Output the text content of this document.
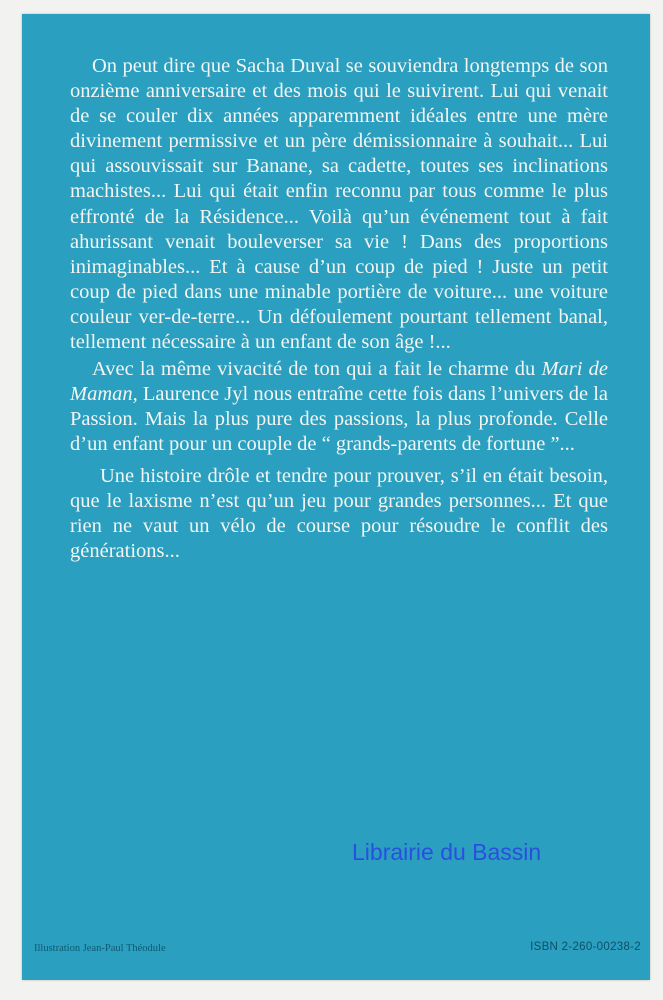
On peut dire que Sacha Duval se souviendra longtemps de son onzième anniversaire et des mois qui le suivirent. Lui qui venait de se couler dix années apparemment idéales entre une mère divinement permissive et un père démissionnaire à souhait... Lui qui assouvissait sur Banane, sa cadette, toutes ses inclinations machistes... Lui qui était enfin reconnu par tous comme le plus effronté de la Résidence... Voilà qu’un événement tout à fait ahurissant venait bouleverser sa vie ! Dans des proportions inimaginables... Et à cause d’un coup de pied ! Juste un petit coup de pied dans une minable portière de voiture... une voiture couleur ver-de-terre... Un défoulement pourtant tellement banal, tellement nécessaire à un enfant de son âge !...

Avec la même vivacité de ton qui a fait le charme du Mari de Maman, Laurence Jyl nous entraîne cette fois dans l’univers de la Passion. Mais la plus pure des passions, la plus profonde. Celle d’un enfant pour un couple de “ grands-parents de fortune ”...

Une histoire drôle et tendre pour prouver, s’il en était besoin, que le laxisme n’est qu’un jeu pour grandes personnes... Et que rien ne vaut un vélo de course pour résoudre le conflit des générations...

Librairie du Bassin
Illustration Jean-Paul Théodule	ISBN 2-260-00238-2
